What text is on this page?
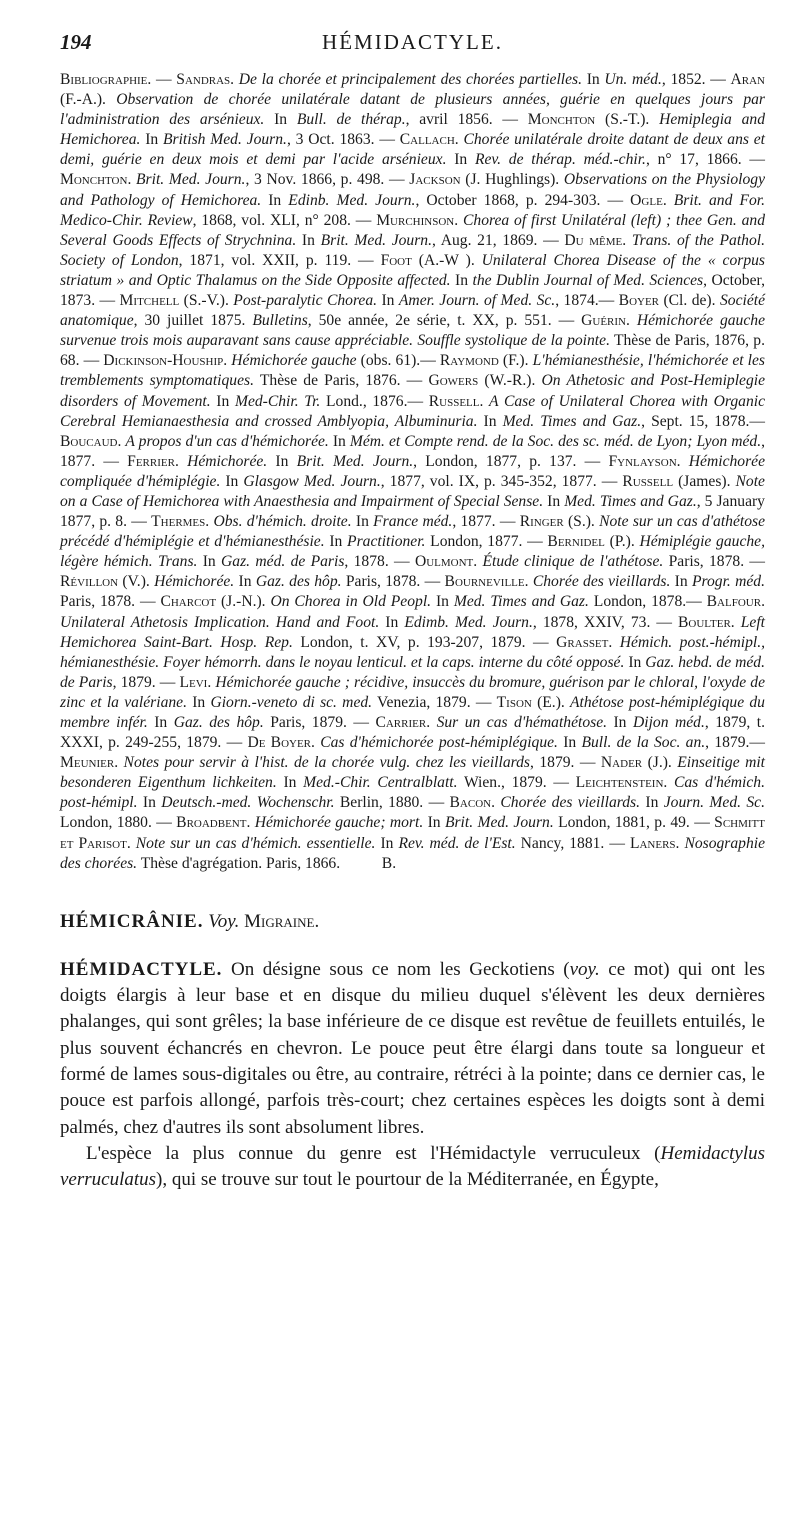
194	HÉMIDACTYLE.
Bibliographie. — Sandras. De la chorée et principalement des chorées partielles. In Un. méd., 1852. — Aran (F.-A.). Observation de chorée unilatérale datant de plusieurs années, guérie en quelques jours par l'administration des arsénieux. In Bull. de thérap., avril 1856. — Monchton (S.-T.). Hemiplegia and Hemichorea. In British Med. Journ., 3 Oct. 1863. — Callach. Chorée unilatérale droite datant de deux ans et demi, guérie en deux mois et demi par l'acide arsénieux. In Rev. de thérap. méd.-chir., n° 17, 1866. — Monchton. Brit. Med. Journ., 3 Nov. 1866, p. 498. — Jackson (J. Hughlings). Observations on the Physiology and Pathology of Hemichorea. In Edinb. Med. Journ., October 1868, p. 294-303. — Ogle. Brit. and For. Medico-Chir. Review, 1868, vol. XLI, n° 208. — Murchinson. Chorea of first Unilatéral (left) ; thee Gen. and Several Goods Effects of Strychnina. In Brit. Med. Journ., Aug. 21, 1869. — Du même. Trans. of the Pathol. Society of London, 1871, vol. XXII, p. 119. — Foot (A.-W ). Unilateral Chorea Disease of the « corpus striatum » and Optic Thalamus on the Side Opposite affected. In the Dublin Journal of Med. Sciences, October, 1873. — Mitchell (S.-V.). Post-paralytic Chorea. In Amer. Journ. of Med. Sc., 1874.— Boyer (Cl. de). Société anatomique, 30 juillet 1875. Bulletins, 50e année, 2e série, t. XX, p. 551. — Guérin. Hémichorée gauche survenue trois mois auparavant sans cause appréciable. Souffle systolique de la pointe. Thèse de Paris, 1876, p. 68. — Dickinson-Houship. Hémichorée gauche (obs. 61).— Raymond (F.). L'hémianesthésie, l'hémichorée et les tremblements symptomatiques. Thèse de Paris, 1876. — Gowers (W.-R.). On Athetosic and Post-Hemiplegie disorders of Movement. In Med-Chir. Tr. Lond., 1876.— Russell. A Case of Unilateral Chorea with Organic Cerebral Hemianaesthesia and crossed Amblyopia, Albuminuria. In Med. Times and Gaz., Sept. 15, 1878.— Boucaud. A propos d'un cas d'hémichorée. In Mém. et Compte rend. de la Soc. des sc. méd. de Lyon; Lyon méd., 1877. — Ferrier. Hémichorée. In Brit. Med. Journ., London, 1877, p. 137. — Fynlayson. Hémichorée compliquée d'hémiplégie. In Glasgow Med. Journ., 1877, vol. IX, p. 345-352, 1877. — Russell (James). Note on a Case of Hemichorea with Anaesthesia and Impairment of Special Sense. In Med. Times and Gaz., 5 January 1877, p. 8. — Thermes. Obs. d'hémich. droite. In France méd., 1877. — Ringer (S.). Note sur un cas d'athétose précédé d'hémiplégie et d'hémianesthésie. In Practitioner. London, 1877. — Bernidel (P.). Hémiplégie gauche, légère hémich. Trans. In Gaz. méd. de Paris, 1878. — Oulmont. Étude clinique de l'athétose. Paris, 1878. — Révillon (V.). Hémichorée. In Gaz. des hôp. Paris, 1878. — Bourneville. Chorée des vieillards. In Progr. méd. Paris, 1878. — Charcot (J.-N.). On Chorea in Old Peopl. In Med. Times and Gaz. London, 1878.— Balfour. Unilateral Athetosis Implication. Hand and Foot. In Edimb. Med. Journ., 1878, XXIV, 73. — Boulter. Left Hemichorea Saint-Bart. Hosp. Rep. London, t. XV, p. 193-207, 1879. — Grasset. Hémich. post.-hémipl., hémianesthésie. Foyer hémorrh. dans le noyau lenticul. et la caps. interne du côté opposé. In Gaz. hebd. de méd. de Paris, 1879. — Levi. Hémichorée gauche ; récidive, insuccès du bromure, guérison par le chloral, l'oxyde de zinc et la valériane. In Giorn.-veneto di sc. med. Venezia, 1879. — Tison (E.). Athétose post-hémiplégique du membre infér. In Gaz. des hôp. Paris, 1879. — Carrier. Sur un cas d'hémathétose. In Dijon méd., 1879, t. XXXI, p. 249-255, 1879. — De Boyer. Cas d'hémichorée post-hémiplégique. In Bull. de la Soc. an., 1879.— Meunier. Notes pour servir à l'hist. de la chorée vulg. chez les vieillards, 1879. — Nader (J.). Einseitige mit besonderen Eigenthum lichkeiten. In Med.-Chir. Centralblatt. Wien., 1879. — Leichtenstein. Cas d'hémich. post-hémipl. In Deutsch.-med. Wochenschr. Berlin, 1880. — Bacon. Chorée des vieillards. In Journ. Med. Sc. London, 1880. — Broadbent. Hémichorée gauche; mort. In Brit. Med. Journ. London, 1881, p. 49. — Schmitt et Parisot. Note sur un cas d'hémich. essentielle. In Rev. méd. de l'Est. Nancy, 1881. — Laners. Nosographie des chorées. Thèse d'agrégation. Paris, 1866.	B.
HÉMICRÂNIE. Voy. Migraine.

HÉMIDACTYLE. On désigne sous ce nom les Geckotiens (voy. ce mot) qui ont les doigts élargis à leur base et en disque du milieu duquel s'élèvent les deux dernières phalanges, qui sont grêles; la base inférieure de ce disque est revêtue de feuillets entuilés, le plus souvent échancrés en chevron. Le pouce peut être élargi dans toute sa longueur et formé de lames sous-digitales ou être, au contraire, rétréci à la pointe; dans ce dernier cas, le pouce est parfois allongé, parfois très-court; chez certaines espèces les doigts sont à demi palmés, chez d'autres ils sont absolument libres.

L'espèce la plus connue du genre est l'Hémidactyle verruculeux (Hemidactylus verruculatus), qui se trouve sur tout le pourtour de la Méditerranée, en Égypte,
